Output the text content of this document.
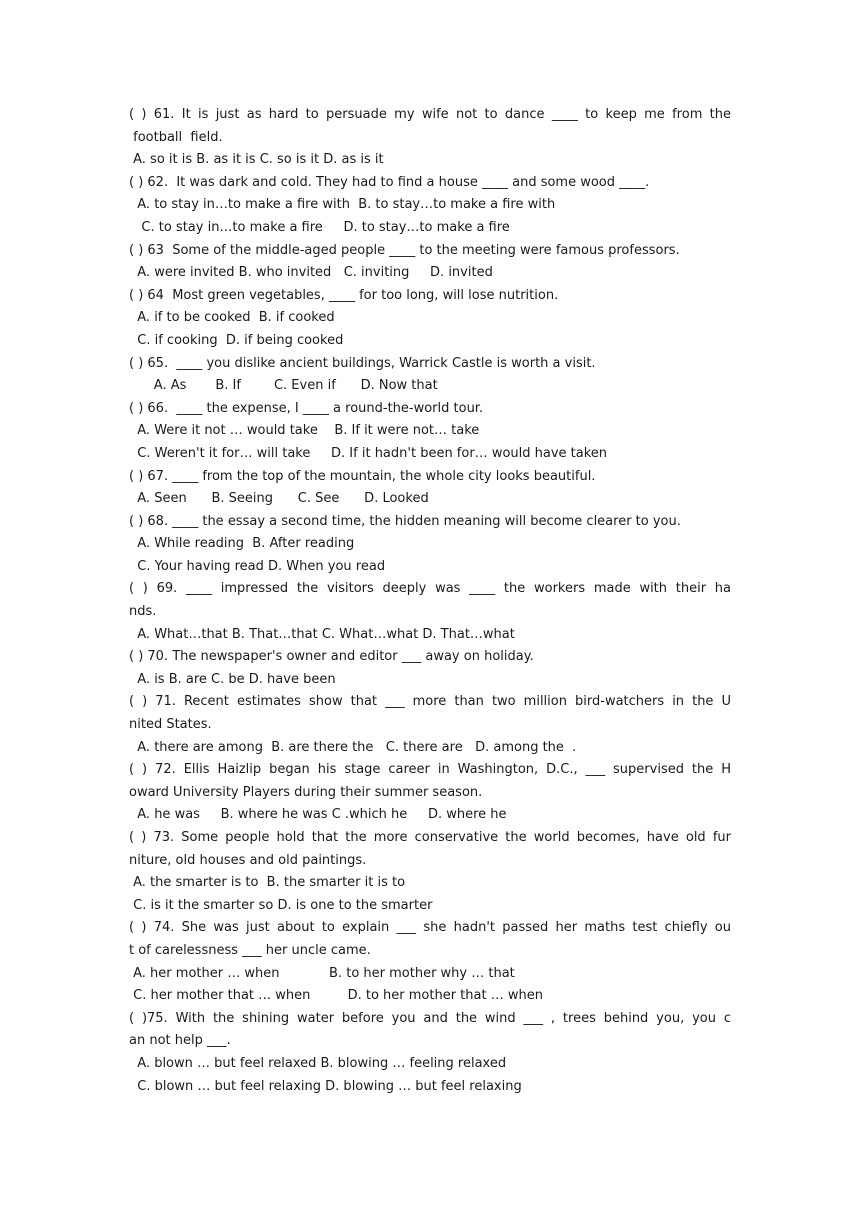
( ) 61. It is just as hard to persuade my wife not to dance ____ to keep me from the
football  field.
A. so it is B. as it is C. so is it D. as is it
( ) 62.  It was dark and cold. They had to find a house ____ and some wood ____.
A. to stay in…to make a fire with  B. to stay…to make a fire with
C. to stay in…to make a fire     D. to stay…to make a fire
( ) 63  Some of the middle-aged people ____ to the meeting were famous professors.
A. were invited B. who invited   C. inviting     D. invited
( ) 64  Most green vegetables, ____ for too long, will lose nutrition.
A. if to be cooked  B. if cooked
C. if cooking  D. if being cooked
( ) 65.  ____ you dislike ancient buildings, Warrick Castle is worth a visit.
A. As       B. If        C. Even if      D. Now that
( ) 66.  ____ the expense, I ____ a round-the-world tour.
A. Were it not … would take    B. If it were not… take
C. Weren't it for… will take     D. If it hadn't been for… would have taken
( ) 67. ____ from the top of the mountain, the whole city looks beautiful.
A. Seen      B. Seeing      C. See      D. Looked
( ) 68. ____ the essay a second time, the hidden meaning will become clearer to you.
A. While reading  B. After reading
C. Your having read D. When you read
( ) 69. ____ impressed the visitors deeply was ____ the workers made with their ha
nds.
A. What…that B. That…that C. What…what D. That…what
( ) 70. The newspaper's owner and editor ___ away on holiday.
A. is B. are C. be D. have been
( ) 71. Recent estimates show that ___ more than two million bird-watchers in the U
nited States.
A. there are among  B. are there the   C. there are   D. among the  .
( ) 72. Ellis Haizlip began his stage career in Washington, D.C., ___ supervised the H
oward University Players during their summer season.
A. he was     B. where he was C .which he     D. where he
( ) 73. Some people hold that the more conservative the world becomes, have old fur
niture, old houses and old paintings.
A. the smarter is to  B. the smarter it is to
C. is it the smarter so D. is one to the smarter
( ) 74. She was just about to explain ___ she hadn't passed her maths test chiefly ou
t of carelessness ___ her uncle came.
A. her mother … when            B. to her mother why … that
C. her mother that … when         D. to her mother that … when
( )75. With the shining water before you and the wind ___ , trees behind you, you c
an not help ___.
A. blown … but feel relaxed B. blowing … feeling relaxed
C. blown … but feel relaxing D. blowing … but feel relaxing
